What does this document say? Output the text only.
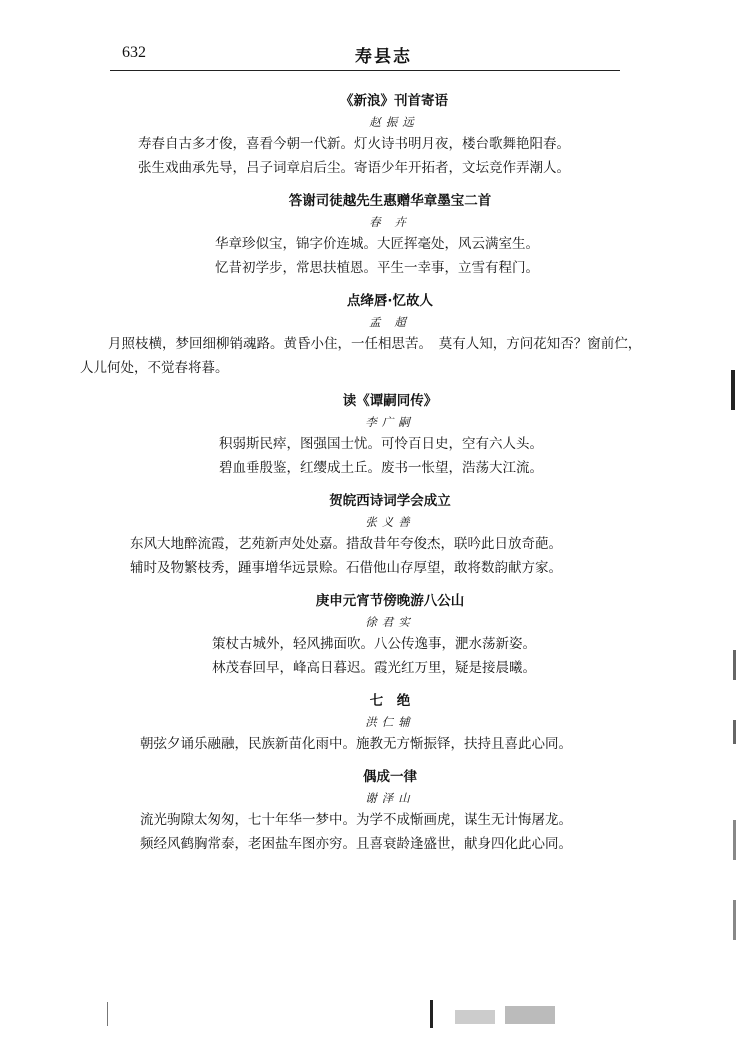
632	寿县志
《新浪》刊首寄语
赵振远
寿春自古多才俊，喜看今朝一代新。灯火诗书明月夜，楼台歌舞艳阳春。
张生戏曲承先导，吕子词章启后尘。寄语少年开拓者，文坛竞作弄潮人。
答谢司徒越先生惠赠华章墨宝二首
春 卉
华章珍似宝，锦字价连城。大匠挥毫处，风云满室生。
忆昔初学步，常思扶植恩。平生一幸事，立雪有程门。
点绛唇·忆故人
孟 超
月照枝横，梦回细柳销魂路。黄昏小住，一任相思苦。　莫有人知，方问花知否？窗前伫，人儿何处，不觉春将暮。
读《谭嗣同传》
李广嗣
积弱斯民瘁，图强国士忧。可怜百日史，空有六人头。
碧血垂殷鉴，红缨成土丘。废书一怅望，浩荡大江流。
贺皖西诗词学会成立
张义善
东风大地醉流霞，艺苑新声处处嘉。措敌昔年夸俊杰，联吟此日放奇葩。
辅时及物繁枝秀，踵事增华远景赊。石借他山存厚望，敢将数韵献方家。
庚申元宵节傍晚游八公山
徐君实
策杖古城外，轻风拂面吹。八公传逸事，淝水荡新姿。
林茂春回早，峰高日暮迟。霞光红万里，疑是接晨曦。
七　绝
洪仁辅
朝弦夕诵乐融融，民族新苗化雨中。施教无方惭振铎，扶持且喜此心同。
偶成一律
谢泽山
流光驹隙太匆匆，七十年华一梦中。为学不成惭画虎，谋生无计悔屠龙。
频经风鹤胸常泰，老困盐车图亦穷。且喜衰龄逢盛世，献身四化此心同。
